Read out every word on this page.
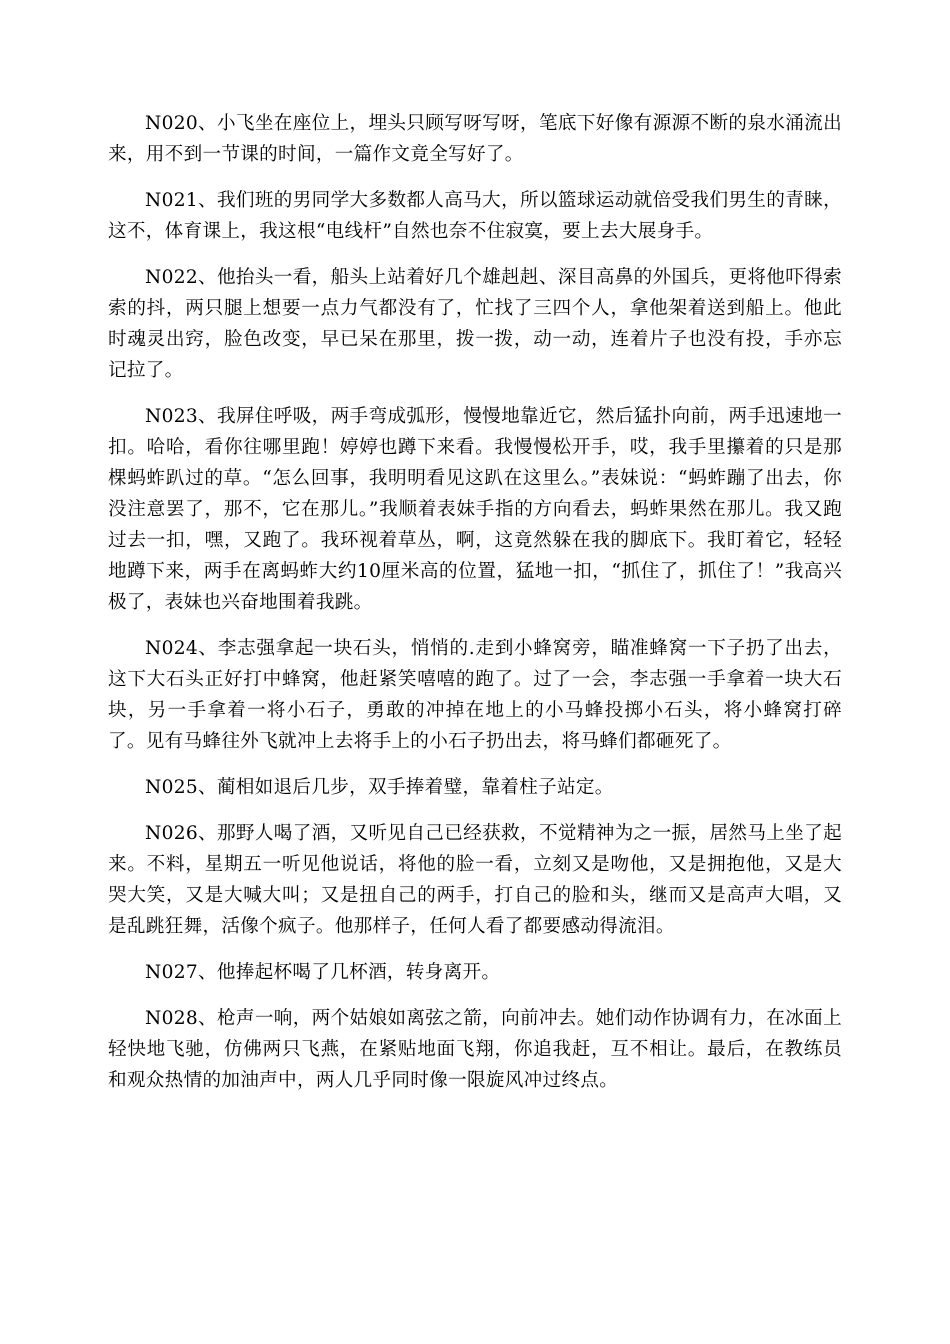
N020、小飞坐在座位上，埋头只顾写呀写呀，笔底下好像有源源不断的泉水涌流出来，用不到一节课的时间，一篇作文竟全写好了。

N021、我们班的男同学大多数都人高马大，所以篮球运动就倍受我们男生的青睐，这不，体育课上，我这根“电线杆”自然也奈不住寂寞，要上去大展身手。

N022、他抬头一看，船头上站着好几个雄赳赳、深目高鼻的外国兵，更将他吓得索索的抖，两只腿上想要一点力气都没有了，忙找了三四个人，拿他架着送到船上。他此时魂灵出窍，脸色改变，早已呆在那里，拨一拨，动一动，连着片子也没有投，手亦忘记拉了。

N023、我屏住呼吸，两手弯成弧形，慢慢地靠近它，然后猛扑向前，两手迅速地一扣。哈哈，看你往哪里跑！婷婷也蹲下来看。我慢慢松开手，哎，我手里攥着的只是那棵蚂蚱趴过的草。“怎么回事，我明明看见这趴在这里么。”表妹说：“蚂蚱蹦了出去，你没注意罢了，那不，它在那儿。”我顺着表妹手指的方向看去，蚂蚱果然在那儿。我又跑过去一扣，嘿，又跑了。我环视着草丛，啊，这竟然躲在我的脚底下。我盯着它，轻轻地蹲下来，两手在离蚂蚱大约10厘米高的位置，猛地一扣，“抓住了，抓住了！”我高兴极了，表妹也兴奋地围着我跳。

N024、李志强拿起一块石头，悄悄的.走到小蜂窝旁，瞄准蜂窝一下子扔了出去，这下大石头正好打中蜂窝，他赶紧笑嘻嘻的跑了。过了一会，李志强一手拿着一块大石块，另一手拿着一将小石子，勇敢的冲掉在地上的小马蜂投掷小石头，将小蜂窝打碎了。见有马蜂往外飞就冲上去将手上的小石子扔出去，将马蜂们都砸死了。

N025、蔺相如退后几步，双手捧着璧，靠着柱子站定。

N026、那野人喝了酒，又听见自己已经获救，不觉精神为之一振，居然马上坐了起来。不料，星期五一听见他说话，将他的脸一看，立刻又是吻他，又是拥抱他，又是大哭大笑，又是大喊大叫；又是扭自己的两手，打自己的脸和头，继而又是高声大唱，又是乱跳狂舞，活像个疯子。他那样子，任何人看了都要感动得流泪。

N027、他捧起杯喝了几杯酒，转身离开。

N028、枪声一响，两个姑娘如离弦之箭，向前冲去。她们动作协调有力，在冰面上轻快地飞驰，仿佛两只飞燕，在紧贴地面飞翔，你追我赶，互不相让。最后，在教练员和观众热情的加油声中，两人几乎同时像一限旋风冲过终点。
